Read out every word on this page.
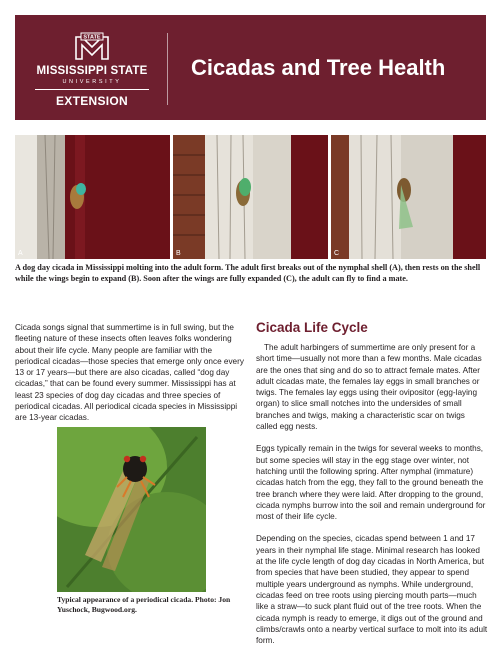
STATE
MISSISSIPPI STATE
UNIVERSITY
EXTENSION
Cicadas and Tree Health
A	B	C
A dog day cicada in Mississippi molting into the adult form. The adult first breaks out of the nymphal shell (A), then rests on the shell while the wings begin to expand (B). Soon after the wings are fully expanded (C), the adult can fly to find a mate.

Cicada songs signal that summertime is in full swing, but the fleeting nature of these insects often leaves folks wondering about their life cycle. Many people are familiar with the periodical cicadas—those species that emerge only once every 13 or 17 years—but there are also cicadas, called “dog day cicadas,” that can be found every summer. Mississippi has at least 23 species of dog day cicadas and three species of periodical cicadas. All periodical cicada species in Mississippi are 13-year cicadas.

Typical appearance of a periodical cicada. Photo: Jon Yuschock, Bugwood.org.
Cicada Life Cycle

The adult harbingers of summertime are only present for a short time—usually not more than a few months. Male cicadas are the ones that sing and do so to attract female mates. After adult cicadas mate, the females lay eggs in small branches or twigs. The females lay eggs using their ovipositor (egg-laying organ) to slice small notches into the undersides of small branches and twigs, making a characteristic scar on twigs called egg nests.

Eggs typically remain in the twigs for several weeks to months, but some species will stay in the egg stage over winter, not hatching until the following spring. After nymphal (immature) cicadas hatch from the egg, they fall to the ground beneath the tree branch where they were laid. After dropping to the ground, cicada nymphs burrow into the soil and remain underground for most of their life cycle.

Depending on the species, cicadas spend between 1 and 17 years in their nymphal life stage. Minimal research has looked at the life cycle length of dog day cicadas in North America, but from species that have been studied, they appear to spend multiple years underground as nymphs. While underground, cicadas feed on tree roots using piercing mouth parts—much like a straw—to suck plant fluid out of the tree roots. When the cicada nymph is ready to emerge, it digs out of the ground and climbs/crawls onto a nearby vertical surface to molt into its adult form.
